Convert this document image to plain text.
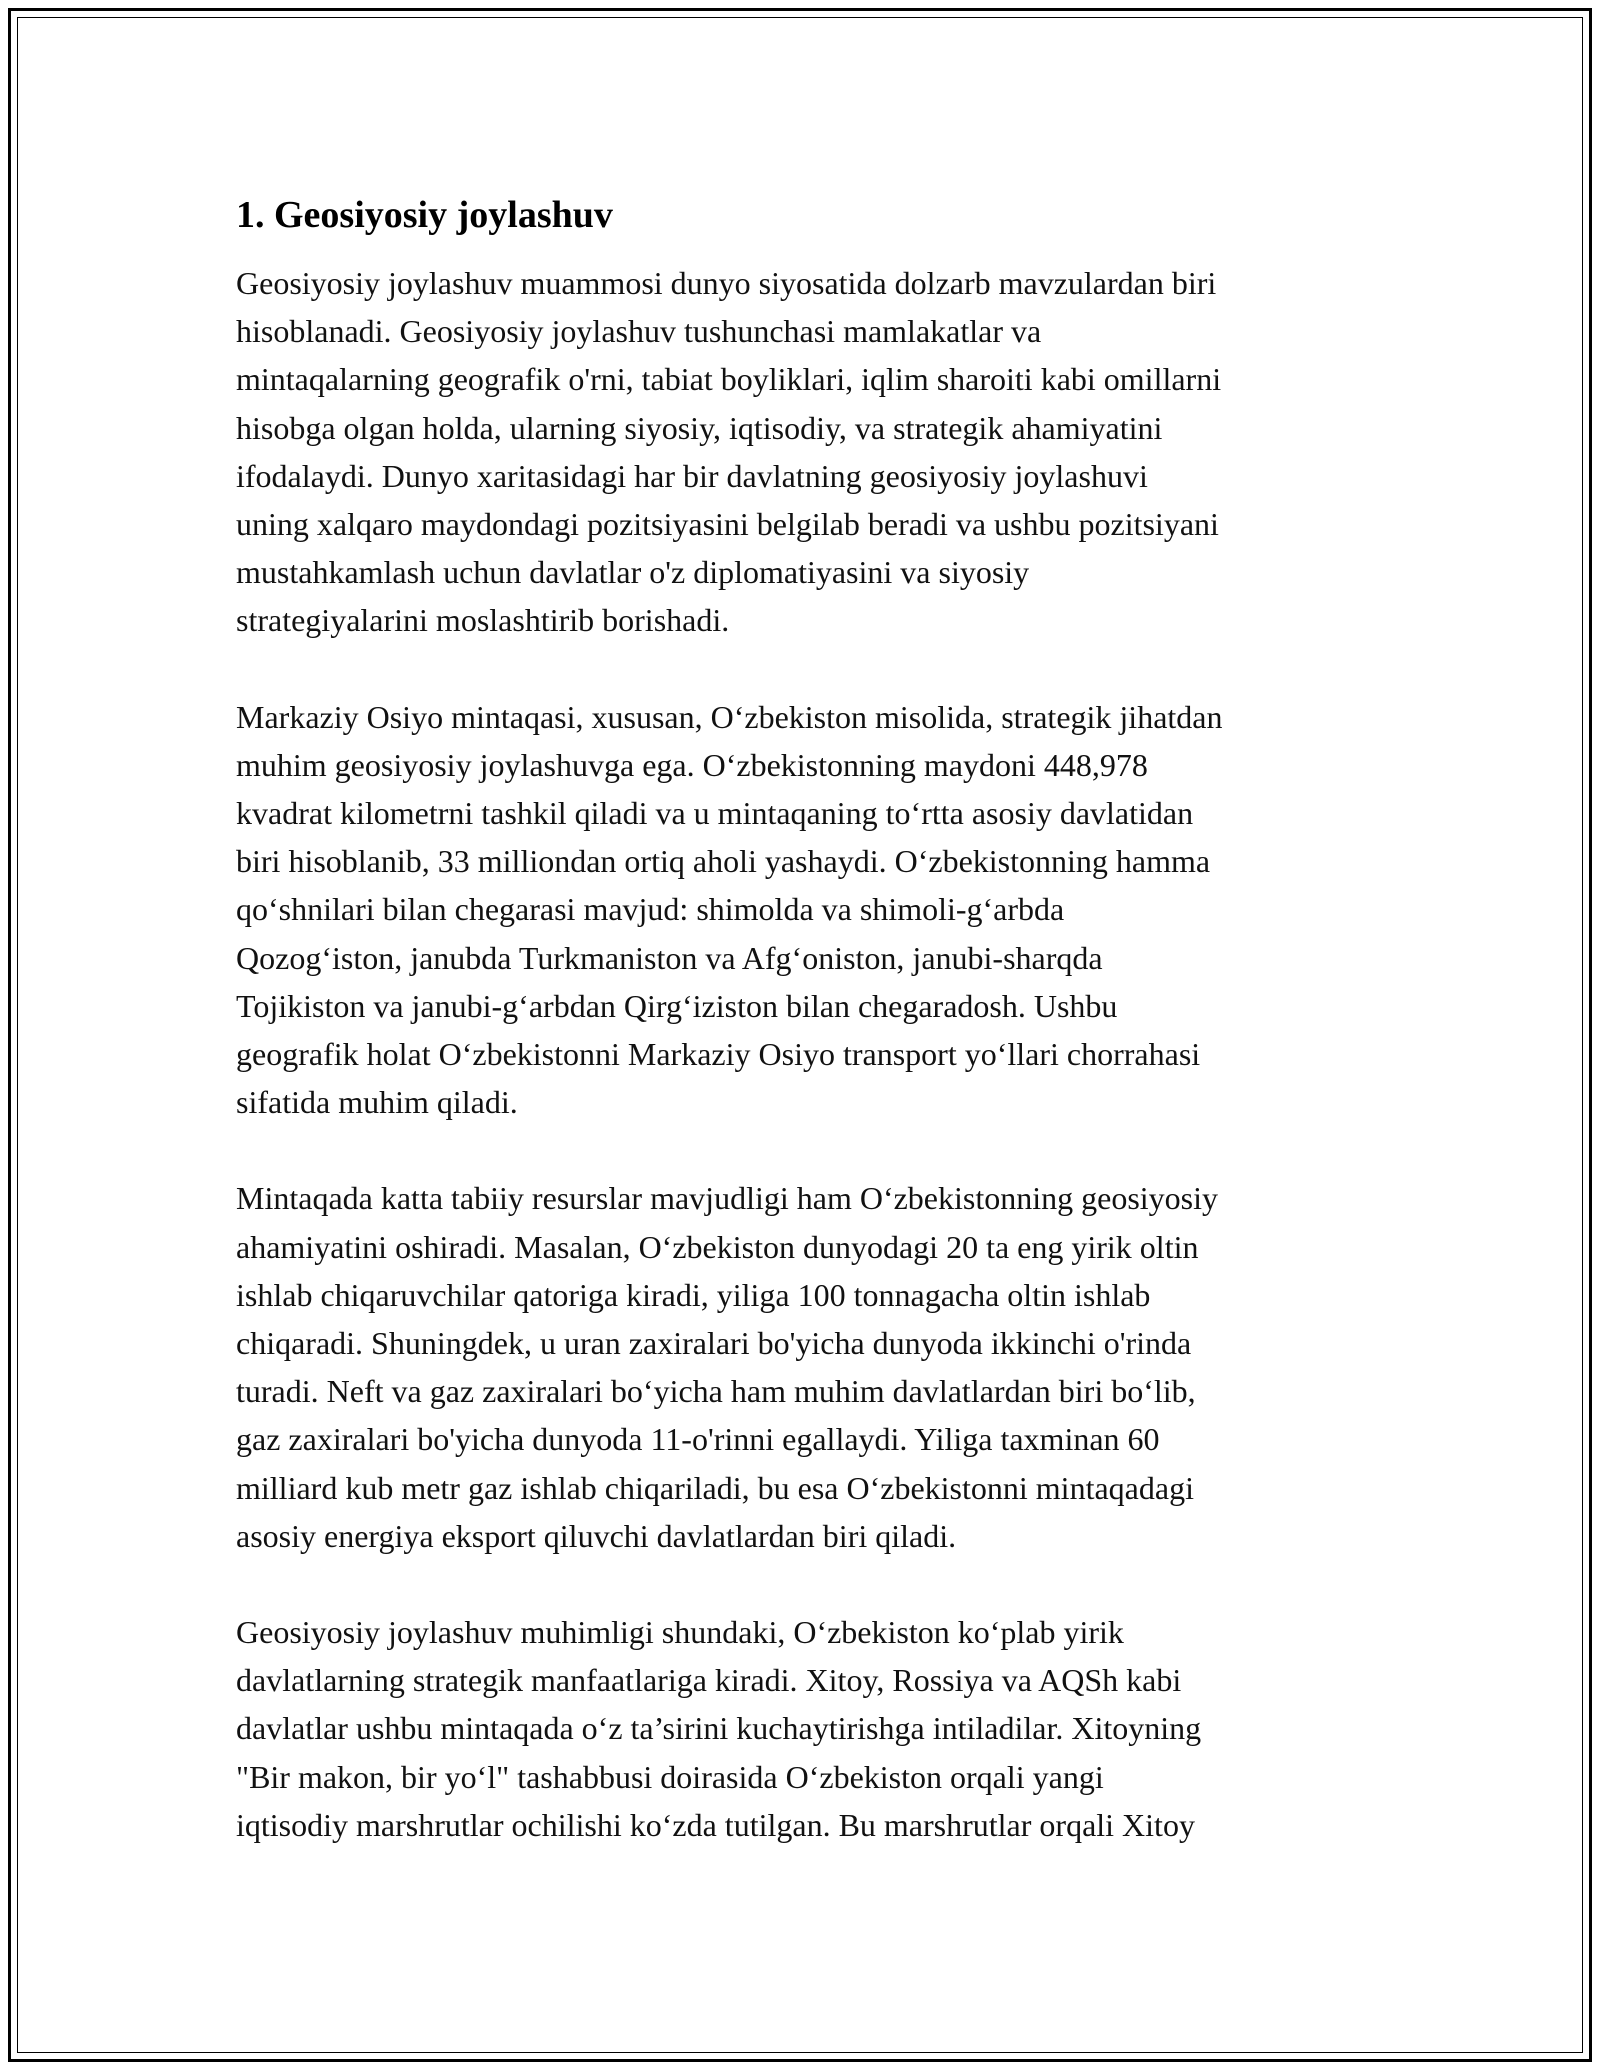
1. Geosiyosiy joylashuv

Geosiyosiy joylashuv muammosi dunyo siyosatida dolzarb mavzulardan biri
hisoblanadi. Geosiyosiy joylashuv tushunchasi mamlakatlar va
mintaqalarning geografik o'rni, tabiat boyliklari, iqlim sharoiti kabi omillarni
hisobga olgan holda, ularning siyosiy, iqtisodiy, va strategik ahamiyatini
ifodalaydi. Dunyo xaritasidagi har bir davlatning geosiyosiy joylashuvi
uning xalqaro maydondagi pozitsiyasini belgilab beradi va ushbu pozitsiyani
mustahkamlash uchun davlatlar o'z diplomatiyasini va siyosiy
strategiyalarini moslashtirib borishadi.

Markaziy Osiyo mintaqasi, xususan, O‘zbekiston misolida, strategik jihatdan
muhim geosiyosiy joylashuvga ega. O‘zbekistonning maydoni 448,978
kvadrat kilometrni tashkil qiladi va u mintaqaning to‘rtta asosiy davlatidan
biri hisoblanib, 33 milliondan ortiq aholi yashaydi. O‘zbekistonning hamma
qo‘shnilari bilan chegarasi mavjud: shimolda va shimoli-g‘arbda
Qozog‘iston, janubda Turkmaniston va Afg‘oniston, janubi-sharqda
Tojikiston va janubi-g‘arbdan Qirg‘iziston bilan chegaradosh. Ushbu
geografik holat O‘zbekistonni Markaziy Osiyo transport yo‘llari chorrahasi
sifatida muhim qiladi.

Mintaqada katta tabiiy resurslar mavjudligi ham O‘zbekistonning geosiyosiy
ahamiyatini oshiradi. Masalan, O‘zbekiston dunyodagi 20 ta eng yirik oltin
ishlab chiqaruvchilar qatoriga kiradi, yiliga 100 tonnagacha oltin ishlab
chiqaradi. Shuningdek, u uran zaxiralari bo'yicha dunyoda ikkinchi o'rinda
turadi. Neft va gaz zaxiralari bo‘yicha ham muhim davlatlardan biri bo‘lib,
gaz zaxiralari bo'yicha dunyoda 11-o'rinni egallaydi. Yiliga taxminan 60
milliard kub metr gaz ishlab chiqariladi, bu esa O‘zbekistonni mintaqadagi
asosiy energiya eksport qiluvchi davlatlardan biri qiladi.

Geosiyosiy joylashuv muhimligi shundaki, O‘zbekiston ko‘plab yirik
davlatlarning strategik manfaatlariga kiradi. Xitoy, Rossiya va AQSh kabi
davlatlar ushbu mintaqada o‘z ta’sirini kuchaytirishga intiladilar. Xitoyning
"Bir makon, bir yo‘l" tashabbusi doirasida O‘zbekiston orqali yangi
iqtisodiy marshrutlar ochilishi ko‘zda tutilgan. Bu marshrutlar orqali Xitoy
